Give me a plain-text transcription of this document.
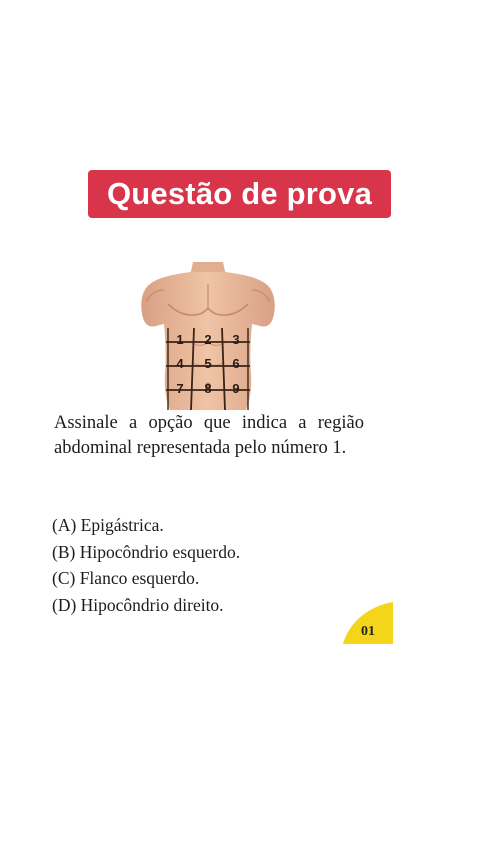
Questão de prova
1 2 3
4 5 6
7 8 9
Assinale a opção que indica a região abdominal representada pelo número 1.
(A) Epigástrica.
(B) Hipocôndrio esquerdo.
(C) Flanco esquerdo.
(D) Hipocôndrio direito.
01
